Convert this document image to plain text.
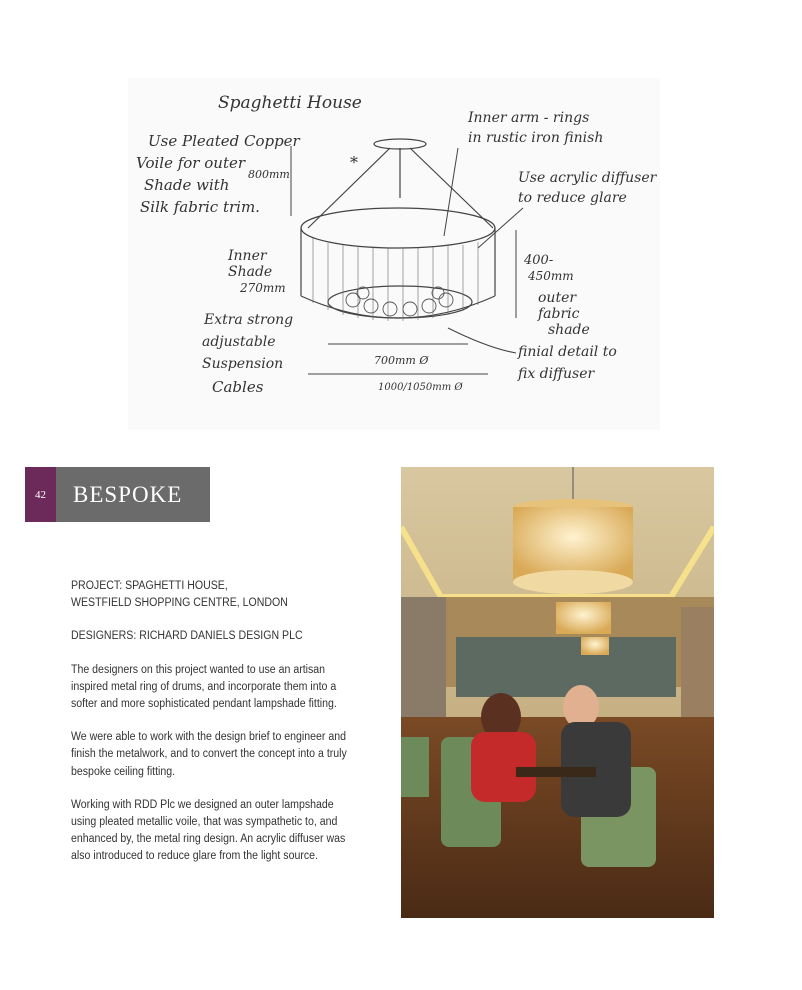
Spaghetti House
Use Pleated Copper
Voile for outer
Shade with
Silk fabric trim.
800mm
Inner arm - rings
in rustic iron finish
Use acrylic diffuser
to reduce glare
Inner
Shade
270mm
400-
450mm
outer
fabric
shade
*
Extra strong
adjustable
Suspension
Cables
700mm Ø
finial detail to
fix diffuser
1000/1050mm Ø
42	BESPOKE

PROJECT: SPAGHETTI HOUSE,
WESTFIELD SHOPPING CENTRE, LONDON

DESIGNERS: RICHARD DANIELS DESIGN PLC

The designers on this project wanted to use an artisan
inspired metal ring of drums, and incorporate them into a
softer and more sophisticated pendant lampshade fitting.

We were able to work with the design brief to engineer and
finish the metalwork, and to convert the concept into a truly
bespoke ceiling fitting.

Working with RDD Plc we designed an outer lampshade
using pleated metallic voile, that was sympathetic to, and
enhanced by, the metal ring design. An acrylic diffuser was
also introduced to reduce glare from the light source.
